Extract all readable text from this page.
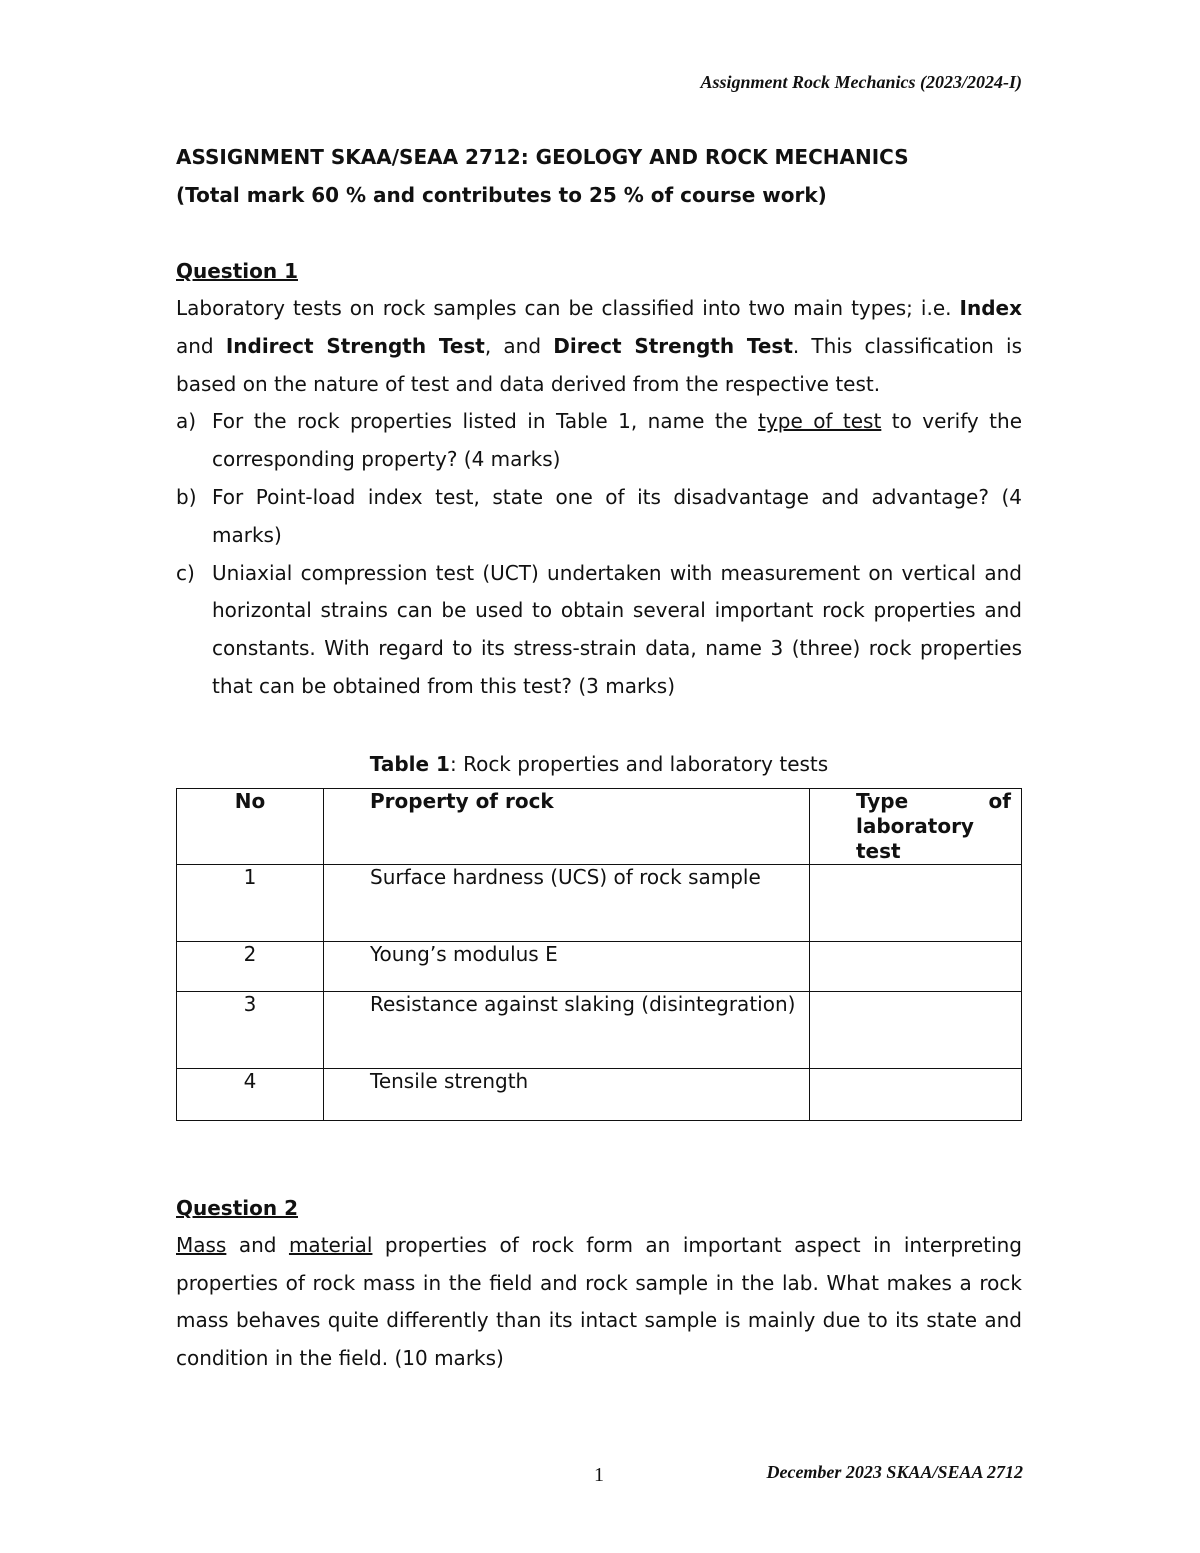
Assignment Rock Mechanics (2023/2024-I)

ASSIGNMENT SKAA/SEAA 2712: GEOLOGY AND ROCK MECHANICS

(Total mark 60 % and contributes to 25 % of course work)

Question 1

Laboratory tests on rock samples can be classified into two main types; i.e. Index and Indirect Strength Test, and Direct Strength Test. This classification is based on the nature of test and data derived from the respective test.

a) For the rock properties listed in Table 1, name the type of test to verify the corresponding property? (4 marks)
b) For Point-load index test, state one of its disadvantage and advantage? (4 marks)
c) Uniaxial compression test (UCT) undertaken with measurement on vertical and horizontal strains can be used to obtain several important rock properties and constants. With regard to its stress-strain data, name 3 (three) rock properties that can be obtained from this test? (3 marks)

Table 1: Rock properties and laboratory tests

No	Property of rock	Type of laboratory test
1	Surface hardness (UCS) of rock sample	
2	Young’s modulus E	
3	Resistance against slaking (disintegration)	
4	Tensile strength	

Question 2

Mass and material properties of rock form an important aspect in interpreting properties of rock mass in the field and rock sample in the lab. What makes a rock mass behaves quite differently than its intact sample is mainly due to its state and condition in the field. (10 marks)

1	December 2023 SKAA/SEAA 2712
